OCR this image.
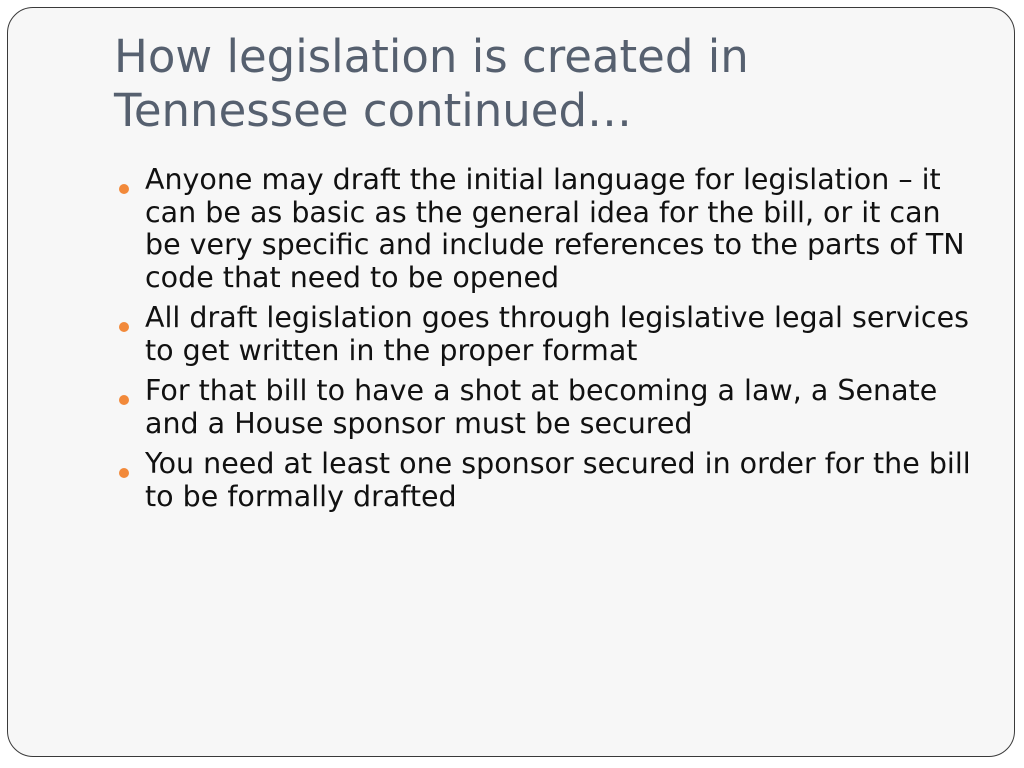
How legislation is created in Tennessee continued…
Anyone may draft the initial language for legislation – it can be as basic as the general idea for the bill, or it can be very specific and include references to the parts of TN code that need to be opened
All draft legislation goes through legislative legal services to get written in the proper format
For that bill to have a shot at becoming a law, a Senate and a House sponsor must be secured
You need at least one sponsor secured in order for the bill to be formally drafted
